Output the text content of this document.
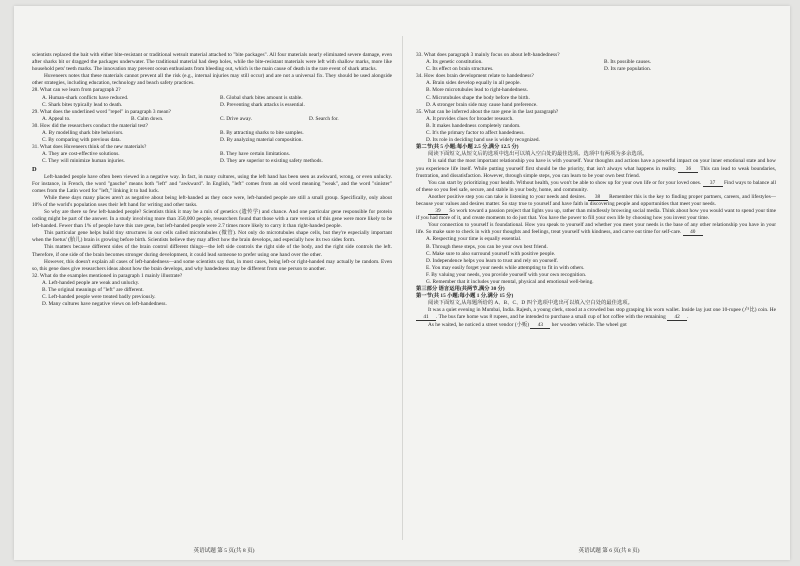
scientists replaced the bait with either bite-resistant or traditional wetsuit material attached to "bite packages". All four materials nearly eliminated severe damage, even after sharks bit or dragged the packages underwater. The traditional material had deep holes, while the bite-resistant materials were left with shallow marks, more like household pets' teeth marks. The innovation may prevent ocean enthusiasts from bleeding out, which is the main cause of death in the rare event of shark attacks.

Huveneers notes that these materials cannot prevent all the risk (e.g., internal injuries may still occur) and are not a universal fix. They should be used alongside other strategies, including education, technology and beach safety practices.

28. What can we learn from paragraph 2?

A. Human-shark conflicts have reduced.	B. Global shark bites amount is stable.
C. Shark bites typically lead to death.	D. Preventing shark attacks is essential.

29. What does the underlined word "repel" in paragraph 3 mean?

A. Appeal to.	B. Calm down.	C. Drive away.	D. Search for.

30. How did the researchers conduct the material test?

A. By modelling shark bite behaviors.	B. By attracting sharks to bite samples.
C. By comparing with previous data.	D. By analyzing material composition.

31. What does Huveneers think of the new materials?

A. They are cost-effective solutions.	B. They have certain limitations.
C. They will minimize human injuries.	D. They are superior to existing safety methods.

D

Left-handed people have often been viewed in a negative way. In fact, in many cultures, using the left hand has been seen as awkward, wrong, or even unlucky. For instance, in French, the word "gauche" means both "left" and "awkward". In English, "left" comes from an old word meaning "weak", and the word "sinister" comes from the Latin word for "left," linking it to bad luck.

While these days many places aren't as negative about being left-handed as they once were, left-handed people are still a small group. Specifically, only about 10% of the world's population uses their left hand for writing and other tasks.

So why are there so few left-handed people? Scientists think it may be a mix of genetics (遗传学) and chance. And one particular gene responsible for protein coding might be part of the answer. In a study involving more than 350,000 people, researchers found that those with a rare version of this gene were more likely to be left-handed. Fewer than 1% of people have this rare gene, but left-handed people were 2.7 times more likely to carry it than right-handed people.

This particular gene helps build tiny structures in our cells called microtubules (微管). Not only do microtubules shape cells, but they're especially important when the foetus' (胎儿) brain is growing before birth. Scientists believe they may affect how the brain develops, and especially how its two sides form.

This matters because different sides of the brain control different things—the left side controls the right side of the body, and the right side controls the left. Therefore, if one side of the brain becomes stronger during development, it could lead someone to prefer using one hand over the other.

However, this doesn't explain all cases of left-handedness—and some scientists say that, in most cases, being left-or right-handed may actually be random. Even so, this gene does give researchers ideas about how the brain develops, and why handedness may be different from one person to another.

32. What do the examples mentioned in paragraph 1 mainly illustrate?

A. Left-handed people are weak and unlucky.
B. The original meanings of "left" are different.
C. Left-handed people were treated badly previously.
D. Many cultures have negative views on left-handedness.
英语试题 第 5 页(共 8 页)

33. What does paragraph 3 mainly focus on about left-handedness?

A. Its genetic constitution.	B. Its possible causes.
C. Its effect on brain structures.	D. Its rare population.

34. How does brain development relate to handedness?

A. Brain sides develop equally in all people.
B. More microtubules lead to right-handedness.
C. Microtubules shape the body before the birth.
D. A stronger brain side may cause hand preference.

35. What can be inferred about the rare gene in the last paragraph?

A. It provides clues for broader research.
B. It makes handedness completely random.
C. It's the primary factor to affect handedness.
D. Its role in deciding hand use is widely recognized.

第二节(共 5 小题;每小题 2.5 分,满分 12.5 分)

阅读下面短文,从短文后的选项中选出可以填入空白处的最佳选项。选项中有两项为多余选项。

It is said that the most important relationship you have is with yourself. Your thoughts and actions have a powerful impact on your inner emotional state and how you experience life itself. While putting yourself first should be the priority, that isn't always what happens in reality. 36 This can lead to weak boundaries, frustration, and dissatisfaction. However, through simple steps, you can learn to be your own best friend.

You can start by prioritizing your health. Without health, you won't be able to show up for your own life or for your loved ones. 37 Find ways to balance all of these so you feel safe, secure, and stable in your body, home, and community.

Another positive step you can take is listening to your needs and desires. 38 Remember this is the key to finding proper partners, careers, and lifestyles—because your values and desires matter. So stay true to yourself and have faith in discovering people and opportunities that meet your needs.

39 So work toward a passion project that lights you up, rather than mindlessly browsing social media. Think about how you would want to spend your time if you had more of it, and create moments to do just that. You have the power to fill your own life by choosing how you invest your time.

Your connection to yourself is foundational. How you speak to yourself and whether you meet your needs is the base of any other relationship you have in your life. So make sure to check in with your thoughts and feelings, treat yourself with kindness, and carve out time for self-care. 40

A. Respecting your time is equally essential.
B. Through these steps, you can be your own best friend.
C. Make sure to also surround yourself with positive people.
D. Independence helps you learn to trust and rely on yourself.
E. You may easily forget your needs while attempting to fit in with others.
F. By valuing your needs, you provide yourself with your own recognition.
G. Remember that it includes your mental, physical and emotional well-being.

第三部分 语言运用(共两节,满分 30 分)

第一节(共 15 小题;每小题 1 分,满分 15 分)

阅读下面短文,从每题所给的 A、B、C、D 四个选项中选出可以填入空白处的最佳选项。

It was a quiet evening in Mumbai, India. Rajesh, a young clerk, stood at a crowded bus stop grasping his worn wallet. Inside lay just one 10-rupee (卢比) coin. He 41 . The bus fare home was 8 rupees, and he intended to purchase a small cup of hot coffee with the remaining 42 .

As he waited, he noticed a street vendor (小贩) 43 her wooden vehicle. The wheel got

英语试题 第 6 页(共 8 页)
